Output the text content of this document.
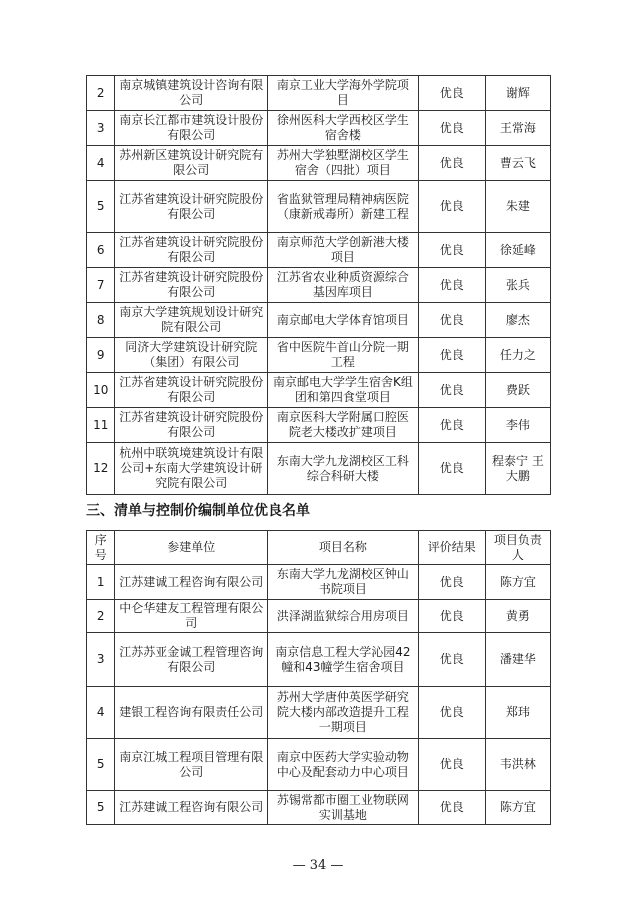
2	南京城镇建筑设计咨询有限公司	南京工业大学海外学院项目	优良	谢辉
3	南京长江都市建筑设计股份有限公司	徐州医科大学西校区学生宿舍楼	优良	王常海
4	苏州新区建筑设计研究院有限公司	苏州大学独墅湖校区学生宿舍（四批）项目	优良	曹云飞
5	江苏省建筑设计研究院股份有限公司	省监狱管理局精神病医院（康新戒毒所）新建工程	优良	朱建
6	江苏省建筑设计研究院股份有限公司	南京师范大学创新港大楼项目	优良	徐延峰
7	江苏省建筑设计研究院股份有限公司	江苏省农业种质资源综合基因库项目	优良	张兵
8	南京大学建筑规划设计研究院有限公司	南京邮电大学体育馆项目	优良	廖杰
9	同济大学建筑设计研究院（集团）有限公司	省中医院牛首山分院一期工程	优良	任力之
10	江苏省建筑设计研究院股份有限公司	南京邮电大学学生宿舍K组团和第四食堂项目	优良	费跃
11	江苏省建筑设计研究院股份有限公司	南京医科大学附属口腔医院老大楼改扩建项目	优良	李伟
12	杭州中联筑境建筑设计有限公司+东南大学建筑设计研究院有限公司	东南大学九龙湖校区工科综合科研大楼	优良	程泰宁 王大鹏
三、清单与控制价编制单位优良名单
序号	参建单位	项目名称	评价结果	项目负责人
1	江苏建诚工程咨询有限公司	东南大学九龙湖校区钟山书院项目	优良	陈方宜
2	中仑华建友工程管理有限公司	洪泽湖监狱综合用房项目	优良	黄勇
3	江苏苏亚金诚工程管理咨询有限公司	南京信息工程大学沁园42幢和43幢学生宿舍项目	优良	潘建华
4	建银工程咨询有限责任公司	苏州大学唐仲英医学研究院大楼内部改造提升工程一期项目	优良	郑玮
5	南京江城工程项目管理有限公司	南京中医药大学实验动物中心及配套动力中心项目	优良	韦洪林
5	江苏建诚工程咨询有限公司	苏锡常都市圈工业物联网实训基地	优良	陈方宜
— 34 —
